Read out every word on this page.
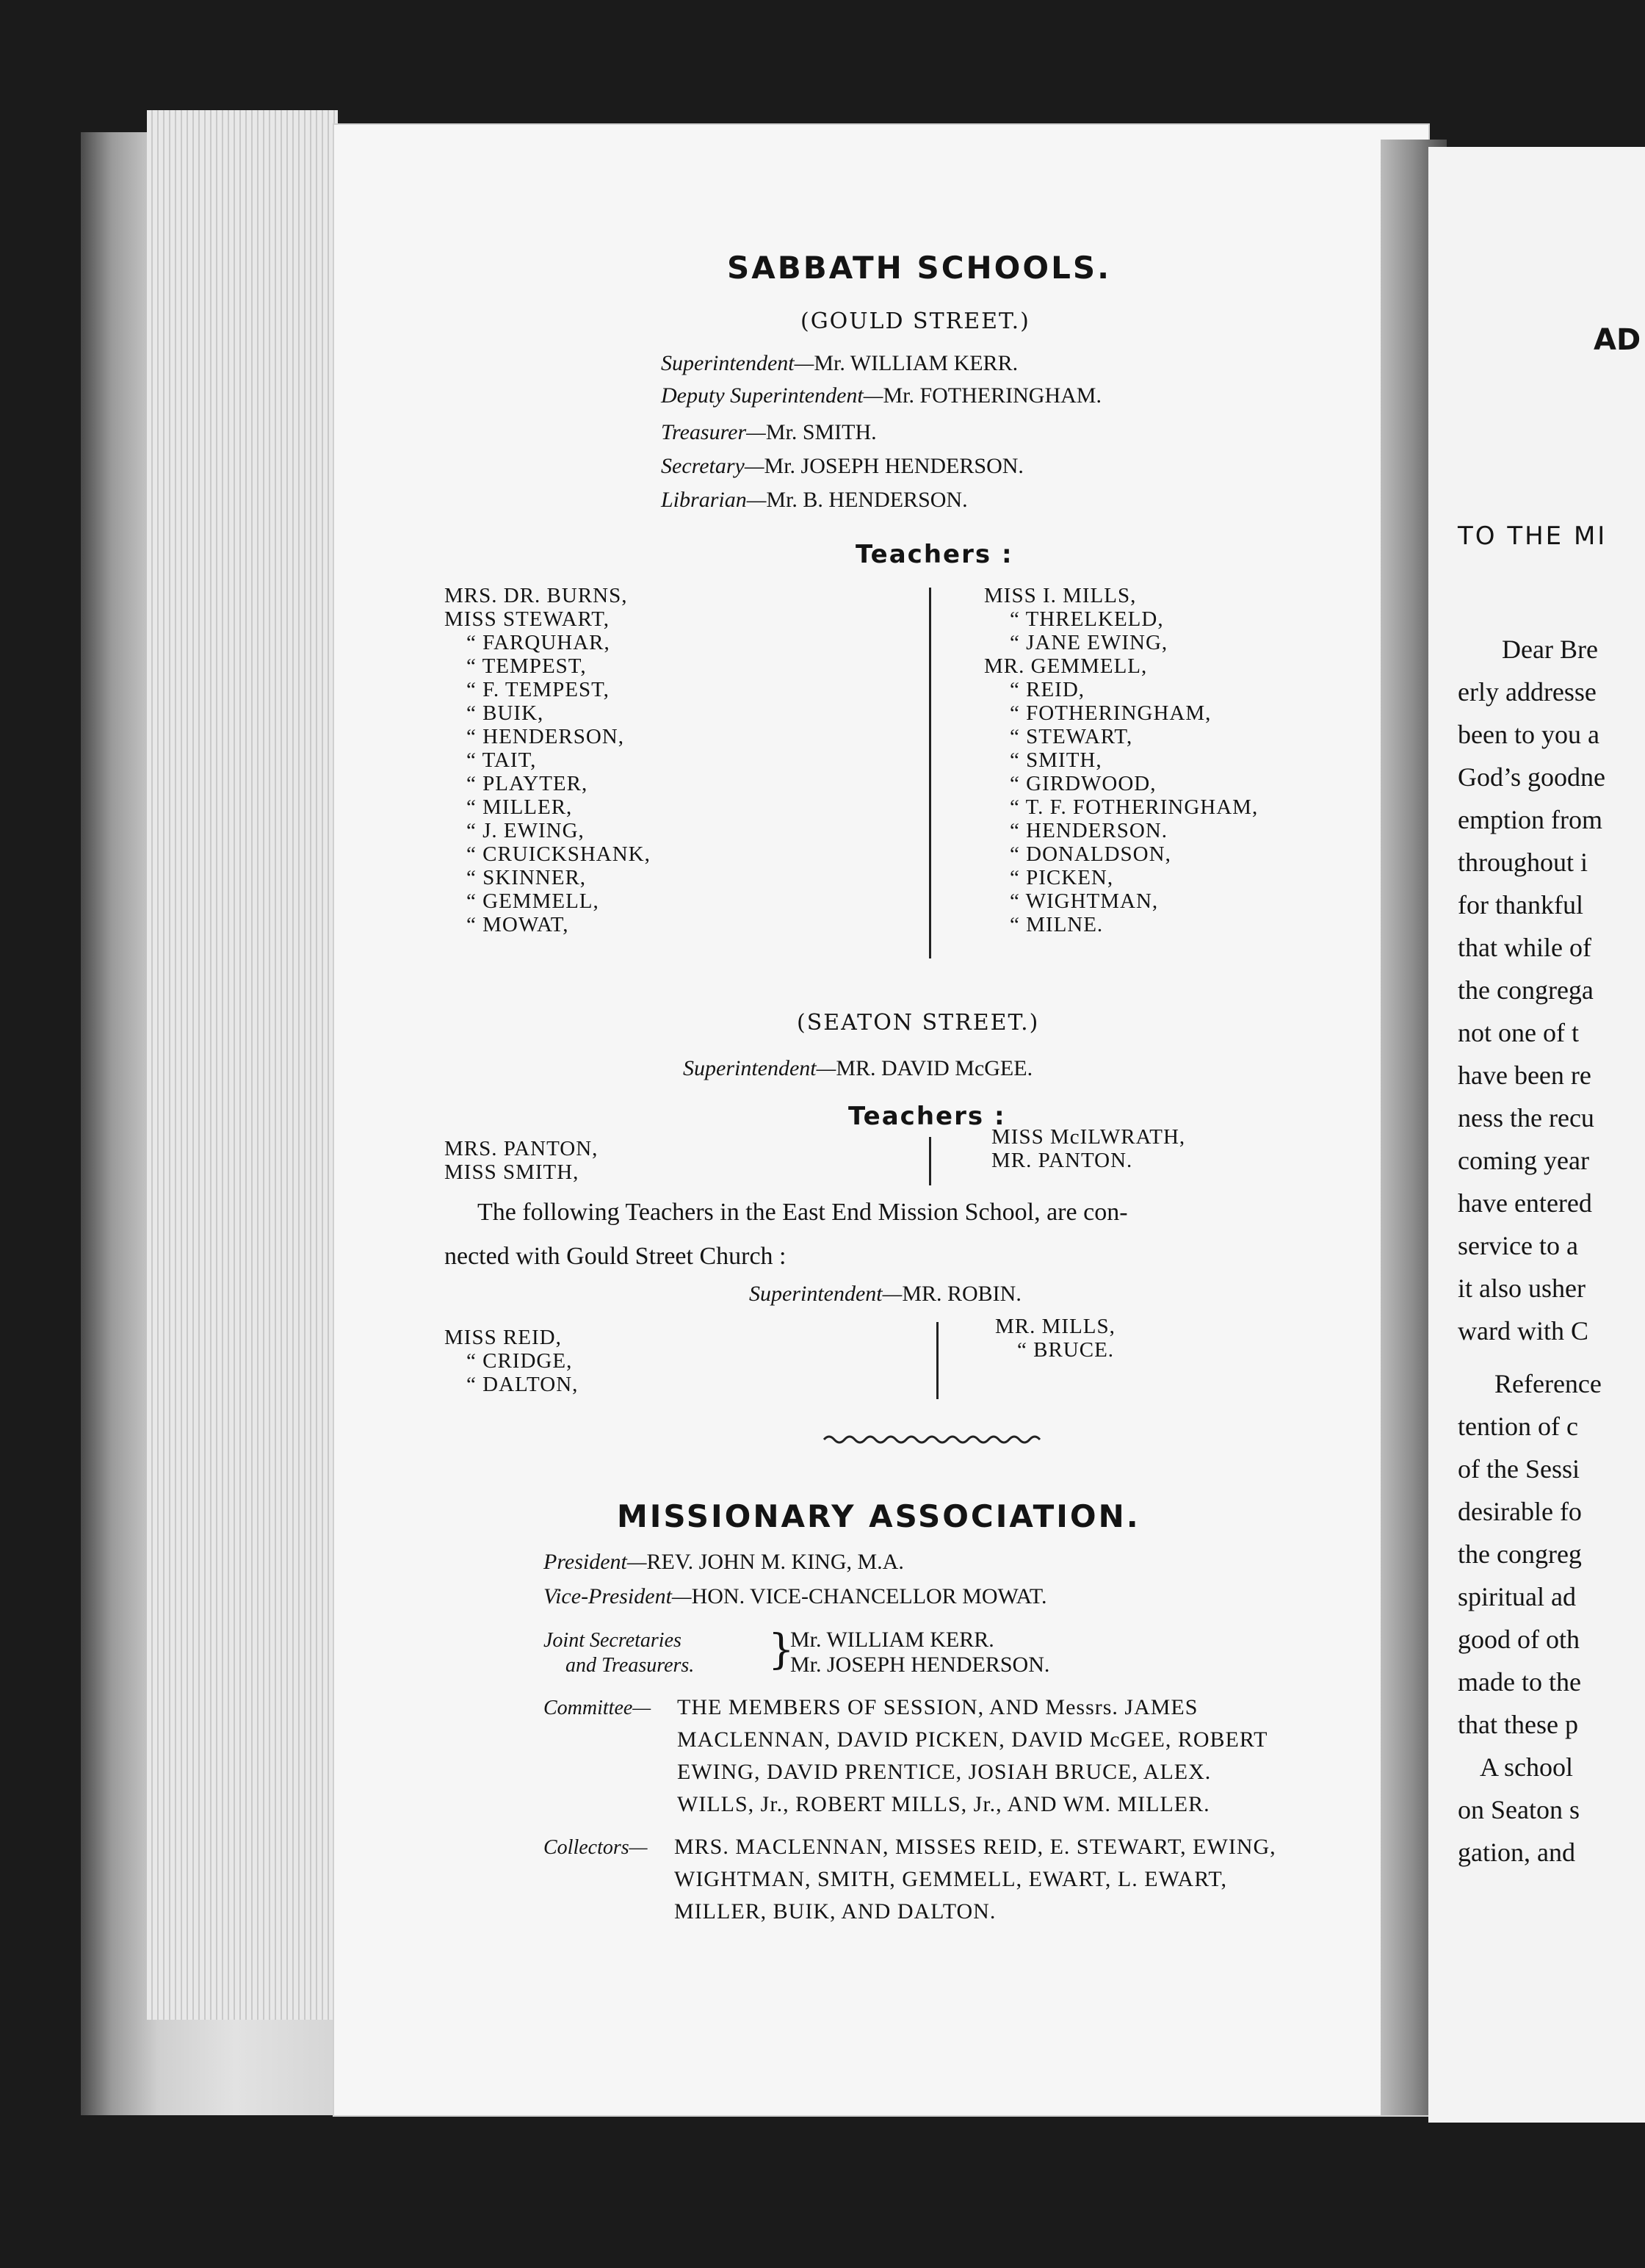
SABBATH SCHOOLS.
(GOULD STREET.)
Superintendent—Mr. WILLIAM KERR.
Deputy Superintendent—Mr. FOTHERINGHAM.
Treasurer—Mr. SMITH.
Secretary—Mr. JOSEPH HENDERSON.
Librarian—Mr. B. HENDERSON.
Teachers :
MRS. DR. BURNS,
MISS STEWART,
“ FARQUHAR,
“ TEMPEST,
“ F. TEMPEST,
“ BUIK,
“ HENDERSON,
“ TAIT,
“ PLAYTER,
“ MILLER,
“ J. EWING,
“ CRUICKSHANK,
“ SKINNER,
“ GEMMELL,
“ MOWAT,
MISS I. MILLS,
“ THRELKELD,
“ JANE EWING,
MR. GEMMELL,
“ REID,
“ FOTHERINGHAM,
“ STEWART,
“ SMITH,
“ GIRDWOOD,
“ T. F. FOTHERINGHAM,
“ HENDERSON.
“ DONALDSON,
“ PICKEN,
“ WIGHTMAN,
“ MILNE.
(SEATON STREET.)
Superintendent—MR. DAVID McGEE.
Teachers :
MRS. PANTON,
MISS SMITH,
MISS McILWRATH,
MR. PANTON.
The following Teachers in the East End Mission School, are con-
nected with Gould Street Church :
Superintendent—MR. ROBIN.
MISS REID,
“ CRIDGE,
“ DALTON,
MR. MILLS,
“ BRUCE.
MISSIONARY ASSOCIATION.
President—REV. JOHN M. KING, M.A.
Vice-President—HON. VICE-CHANCELLOR MOWAT.
Joint Secretaries
and Treasurers. }
Mr. WILLIAM KERR.
Mr. JOSEPH HENDERSON.
Committee— THE MEMBERS OF SESSION, AND Messrs. JAMES
MACLENNAN, DAVID PICKEN, DAVID McGEE, ROBERT
EWING, DAVID PRENTICE, JOSIAH BRUCE, ALEX.
WILLS, Jr., ROBERT MILLS, Jr., AND WM. MILLER.
Collectors— MRS. MACLENNAN, MISSES REID, E. STEWART, EWING,
WIGHTMAN, SMITH, GEMMELL, EWART, L. EWART,
MILLER, BUIK, AND DALTON.
AD
TO THE MI
Dear Bre
erly addresse
been to you a
God’s goodne
emption from
throughout i
for thankful
that while of
the congrega
not one of t
have been re
ness the recu
coming year
have entered
service to a
it also usher
ward with C
Reference
tention of c
of the Sessi
desirable fo
the congreg
spiritual ad
good of oth
made to the
that these p
A school
on Seaton s
gation, and
